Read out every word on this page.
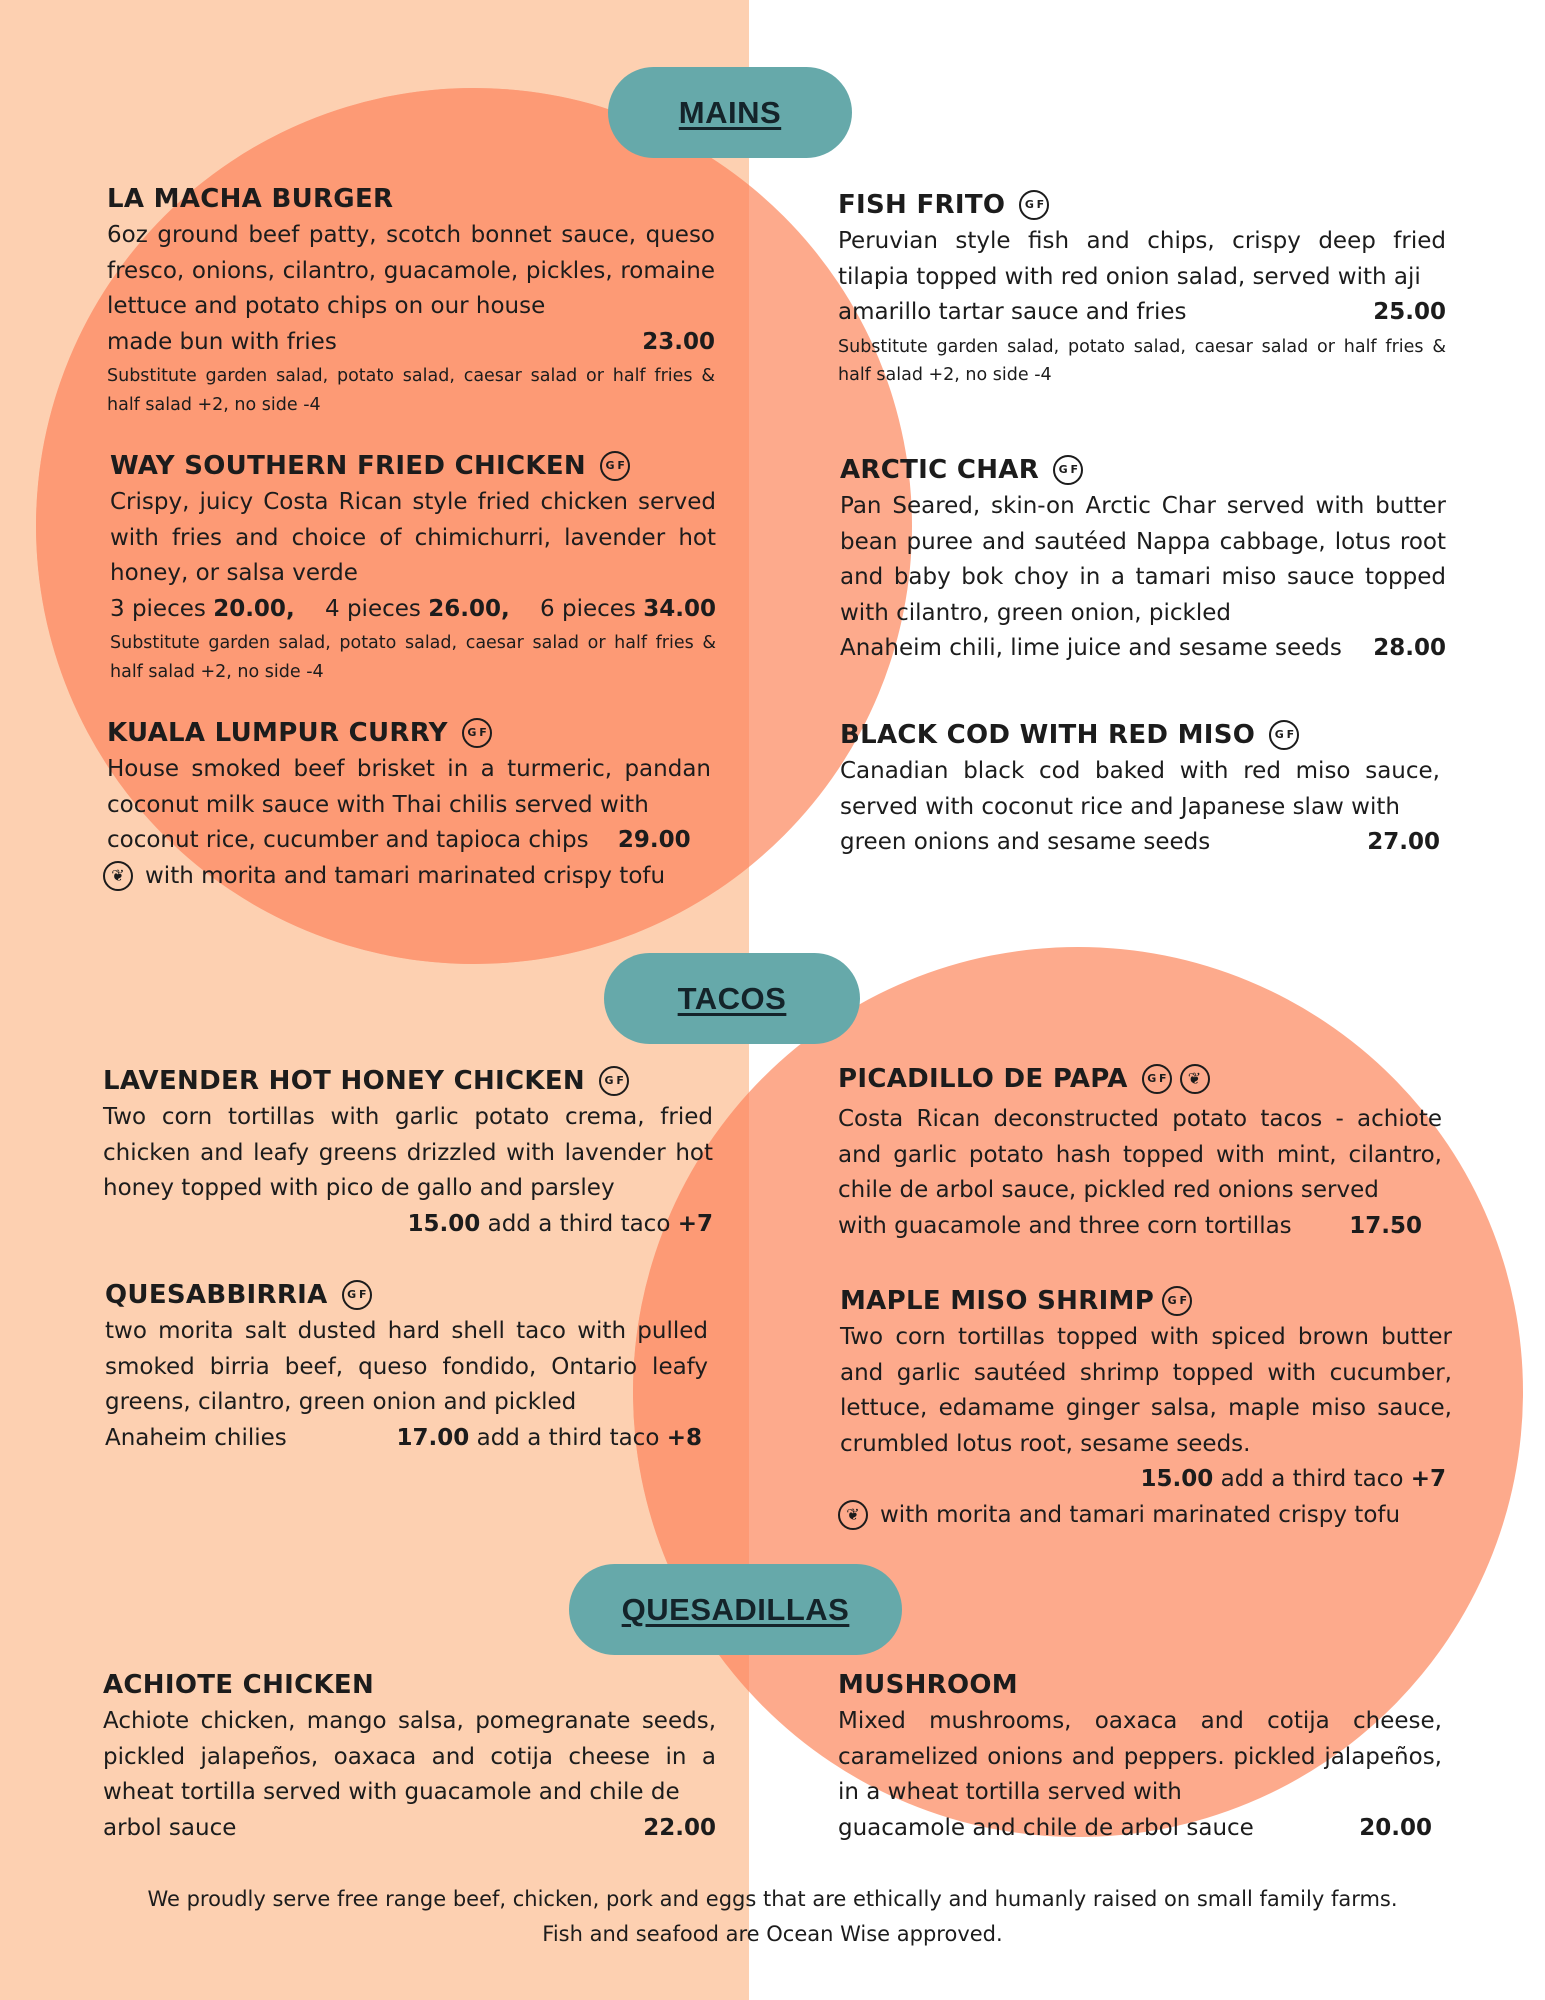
MAINS
TACOS
QUESADILLAS
LA MACHA BURGER
6oz ground beef patty, scotch bonnet sauce, queso fresco, onions, cilantro, guacamole, pickles, romaine lettuce and potato chips on our house
made bun with fries	23.00
Substitute garden salad, potato salad, caesar salad or half fries & half salad +2, no side -4
WAY SOUTHERN FRIED CHICKEN	G F
Crispy, juicy Costa Rican style fried chicken served with fries and choice of chimichurri, lavender hot honey, or salsa verde
3 pieces 20.00, 4 pieces 26.00, 6 pieces 34.00
Substitute garden salad, potato salad, caesar salad or half fries & half salad +2, no side -4
KUALA LUMPUR CURRY	G F
House smoked beef brisket in a turmeric, pandan coconut milk sauce with Thai chilis served with
coconut rice, cucumber and tapioca chips 29.00
❦ with morita and tamari marinated crispy tofu
FISH FRITO	G F
Peruvian style fish and chips, crispy deep fried tilapia topped with red onion salad, served with aji
amarillo tartar sauce and fries	25.00
Substitute garden salad, potato salad, caesar salad or half fries & half salad +2, no side -4
ARCTIC CHAR	G F
Pan Seared, skin-on Arctic Char served with butter bean puree and sautéed Nappa cabbage, lotus root and baby bok choy in a tamari miso sauce topped with cilantro, green onion, pickled
Anaheim chili, lime juice and sesame seeds 28.00
BLACK COD WITH RED MISO	G F
Canadian black cod baked with red miso sauce, served with coconut rice and Japanese slaw with
green onions and sesame seeds	27.00
LAVENDER HOT HONEY CHICKEN	G F
Two corn tortillas with garlic potato crema, fried chicken and leafy greens drizzled with lavender hot honey topped with pico de gallo and parsley
15.00 add a third taco +7
QUESABBIRRIA	G F
two morita salt dusted hard shell taco with pulled smoked birria beef, queso fondido, Ontario leafy greens, cilantro, green onion and pickled
Anaheim chilies	17.00 add a third taco +8
PICADILLO DE PAPA	G F	❦
Costa Rican deconstructed potato tacos - achiote and garlic potato hash topped with mint, cilantro, chile de arbol sauce, pickled red onions served
with guacamole and three corn tortillas	17.50
MAPLE MISO SHRIMP	G F
Two corn tortillas topped with spiced brown butter and garlic sautéed shrimp topped with cucumber, lettuce, edamame ginger salsa, maple miso sauce, crumbled lotus root, sesame seeds.
15.00 add a third taco +7
❦ with morita and tamari marinated crispy tofu
ACHIOTE CHICKEN
Achiote chicken, mango salsa, pomegranate seeds, pickled jalapeños, oaxaca and cotija cheese in a wheat tortilla served with guacamole and chile de
arbol sauce	22.00
MUSHROOM
Mixed mushrooms, oaxaca and cotija cheese, caramelized onions and peppers. pickled jalapeños, in a wheat tortilla served with
guacamole and chile de arbol sauce	20.00
We proudly serve free range beef, chicken, pork and eggs that are ethically and humanly raised on small family farms.
Fish and seafood are Ocean Wise approved.
